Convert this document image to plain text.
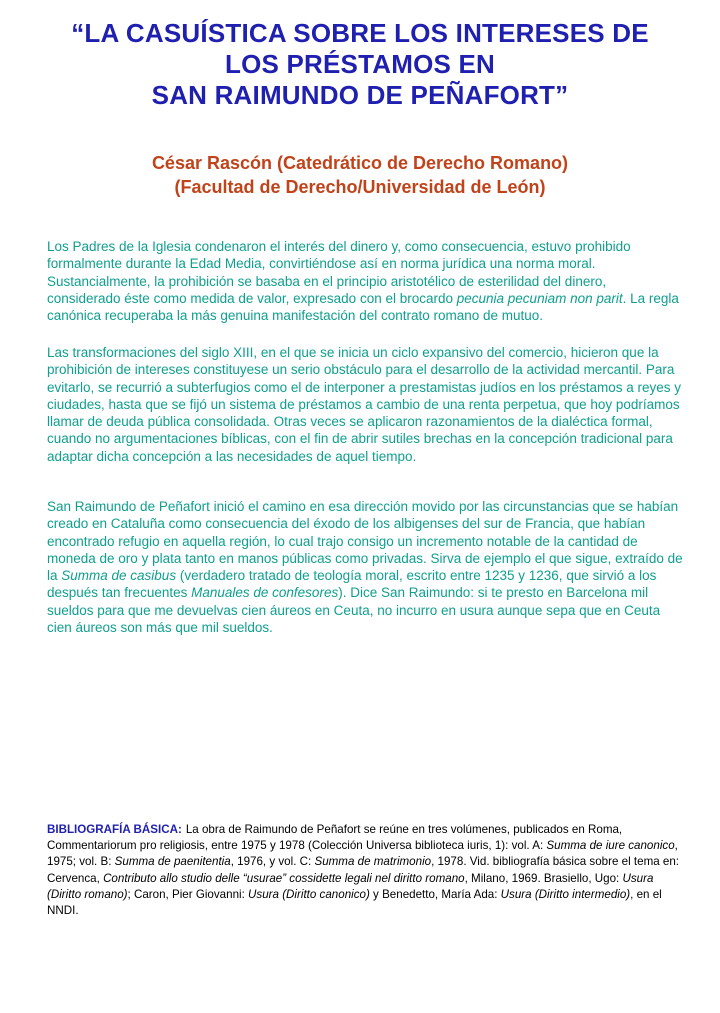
“LA CASUÍSTICA SOBRE LOS INTERESES DE
LOS PRÉSTAMOS EN
SAN RAIMUNDO DE PEÑAFORT”
César Rascón (Catedrático de Derecho Romano)
(Facultad de Derecho/Universidad de León)

Los Padres de la Iglesia condenaron el interés del dinero y, como consecuencia, estuvo prohibido formalmente durante la Edad Media, convirtiéndose así en norma jurídica una norma moral. Sustancialmente, la prohibición se basaba en el principio aristotélico de esterilidad del dinero, considerado éste como medida de valor, expresado con el brocardo pecunia pecuniam non parit. La regla canónica recuperaba la más genuina manifestación del contrato romano de mutuo.

Las transformaciones del siglo XIII, en el que se inicia un ciclo expansivo del comercio, hicieron que la prohibición de intereses constituyese un serio obstáculo para el desarrollo de la actividad mercantil. Para evitarlo, se recurrió a subterfugios como el de interponer a prestamistas judíos en los préstamos a reyes y ciudades, hasta que se fijó un sistema de préstamos a cambio de una renta perpetua, que hoy podríamos llamar de deuda pública consolidada. Otras veces se aplicaron razonamientos de la dialéctica formal, cuando no argumentaciones bíblicas, con el fin de abrir sutiles brechas en la concepción tradicional para adaptar dicha concepción a las necesidades de aquel tiempo.

San Raimundo de Peñafort inició el camino en esa dirección movido por las circunstancias que se habían creado en Cataluña como consecuencia del éxodo de los albigenses del sur de Francia, que habían encontrado refugio en aquella región, lo cual trajo consigo un incremento notable de la cantidad de moneda de oro y plata tanto en manos públicas como privadas. Sirva de ejemplo el que sigue, extraído de la Summa de casibus (verdadero tratado de teología moral, escrito entre 1235 y 1236, que sirvió a los después tan frecuentes Manuales de confesores). Dice San Raimundo: si te presto en Barcelona mil sueldos para que me devuelvas cien áureos en Ceuta, no incurro en usura aunque sepa que en Ceuta cien áureos son más que mil sueldos.

BIBLIOGRAFÍA BÁSICA: La obra de Raimundo de Peñafort se reúne en tres volúmenes, publicados en Roma, Commentariorum pro religiosis, entre 1975 y 1978 (Colección Universa biblioteca iuris, 1): vol. A: Summa de iure canonico, 1975; vol. B: Summa de paenitentia, 1976, y vol. C: Summa de matrimonio, 1978. Vid. bibliografía básica sobre el tema en: Cervenca, Contributo allo studio delle “usurae” cossidette legali nel diritto romano, Milano, 1969. Brasiello, Ugo: Usura (Diritto romano); Caron, Pier Giovanni: Usura (Diritto canonico) y Benedetto, María Ada: Usura (Diritto intermedio), en el NNDI.
